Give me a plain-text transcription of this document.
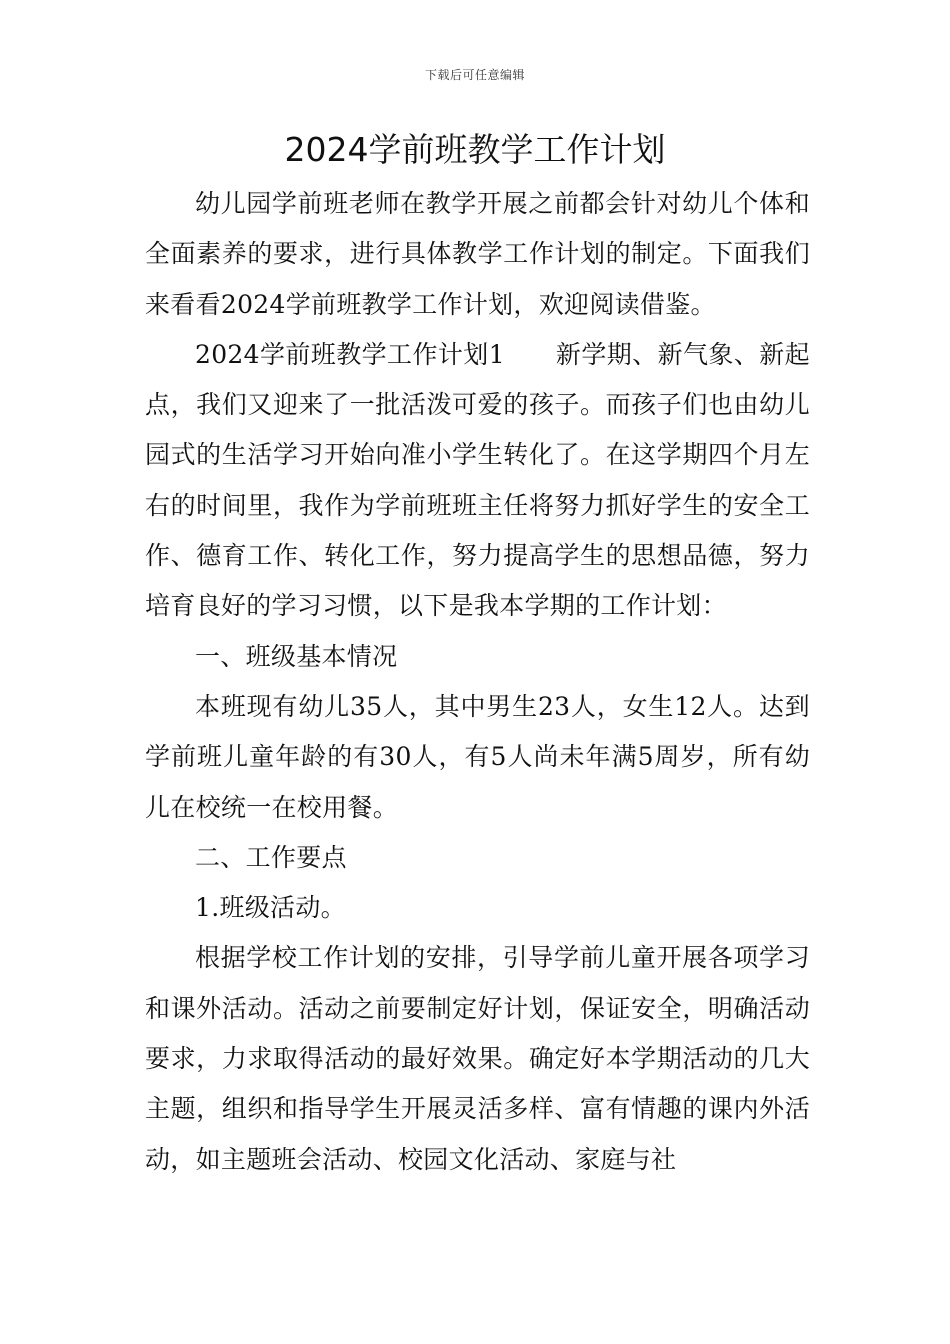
下载后可任意编辑
2024学前班教学工作计划

幼儿园学前班老师在教学开展之前都会针对幼儿个体和全面素养的要求，进行具体教学工作计划的制定。下面我们来看看2024学前班教学工作计划，欢迎阅读借鉴。

2024学前班教学工作计划1　　新学期、新气象、新起点，我们又迎来了一批活泼可爱的孩子。而孩子们也由幼儿园式的生活学习开始向准小学生转化了。在这学期四个月左右的时间里，我作为学前班班主任将努力抓好学生的安全工作、德育工作、转化工作，努力提高学生的思想品德，努力培育良好的学习习惯，以下是我本学期的工作计划：

一、班级基本情况

本班现有幼儿35人，其中男生23人，女生12人。达到学前班儿童年龄的有30人，有5人尚未年满5周岁，所有幼儿在校统一在校用餐。

二、工作要点

1.班级活动。

根据学校工作计划的安排，引导学前儿童开展各项学习和课外活动。活动之前要制定好计划，保证安全，明确活动要求，力求取得活动的最好效果。确定好本学期活动的几大主题，组织和指导学生开展灵活多样、富有情趣的课内外活动，如主题班会活动、校园文化活动、家庭与社
